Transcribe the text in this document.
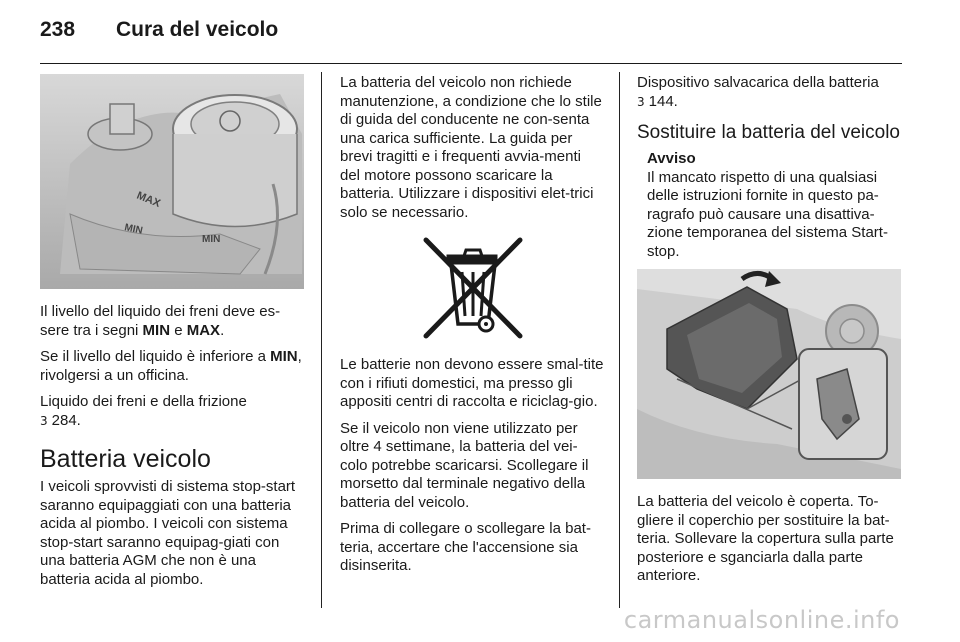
238 Cura del veicolo
MAX
MIN
MIN

Il livello del liquido dei freni deve es-sere tra i segni MIN e MAX.

Se il livello del liquido è inferiore a MIN, rivolgersi a un officina.

Liquido dei freni e della frizione
3 284.

Batteria veicolo

I veicoli sprovvisti di sistema stop-start saranno equipaggiati con una batteria acida al piombo. I veicoli con sistema stop-start saranno equipag-giati con una batteria AGM che non è una batteria acida al piombo.

La batteria del veicolo non richiede manutenzione, a condizione che lo stile di guida del conducente ne con-senta una carica sufficiente. La guida per brevi tragitti e i frequenti avvia-menti del motore possono scaricare la batteria. Utilizzare i dispositivi elet-trici solo se necessario.

Le batterie non devono essere smal-tite con i rifiuti domestici, ma presso gli appositi centri di raccolta e riciclag-gio.

Se il veicolo non viene utilizzato per oltre 4 settimane, la batteria del vei-colo potrebbe scaricarsi. Scollegare il morsetto dal terminale negativo della batteria del veicolo.

Prima di collegare o scollegare la bat-teria, accertare che l'accensione sia disinserita.

Dispositivo salvacarica della batteria
3 144.

Sostituire la batteria del veicolo
Avviso

Il mancato rispetto di una qualsiasi delle istruzioni fornite in questo pa-ragrafo può causare una disattiva-zione temporanea del sistema Start-stop.

La batteria del veicolo è coperta. To-gliere il coperchio per sostituire la bat-teria. Sollevare la copertura sulla parte posteriore e sganciarla dalla parte anteriore.

carmanualsonline.info
